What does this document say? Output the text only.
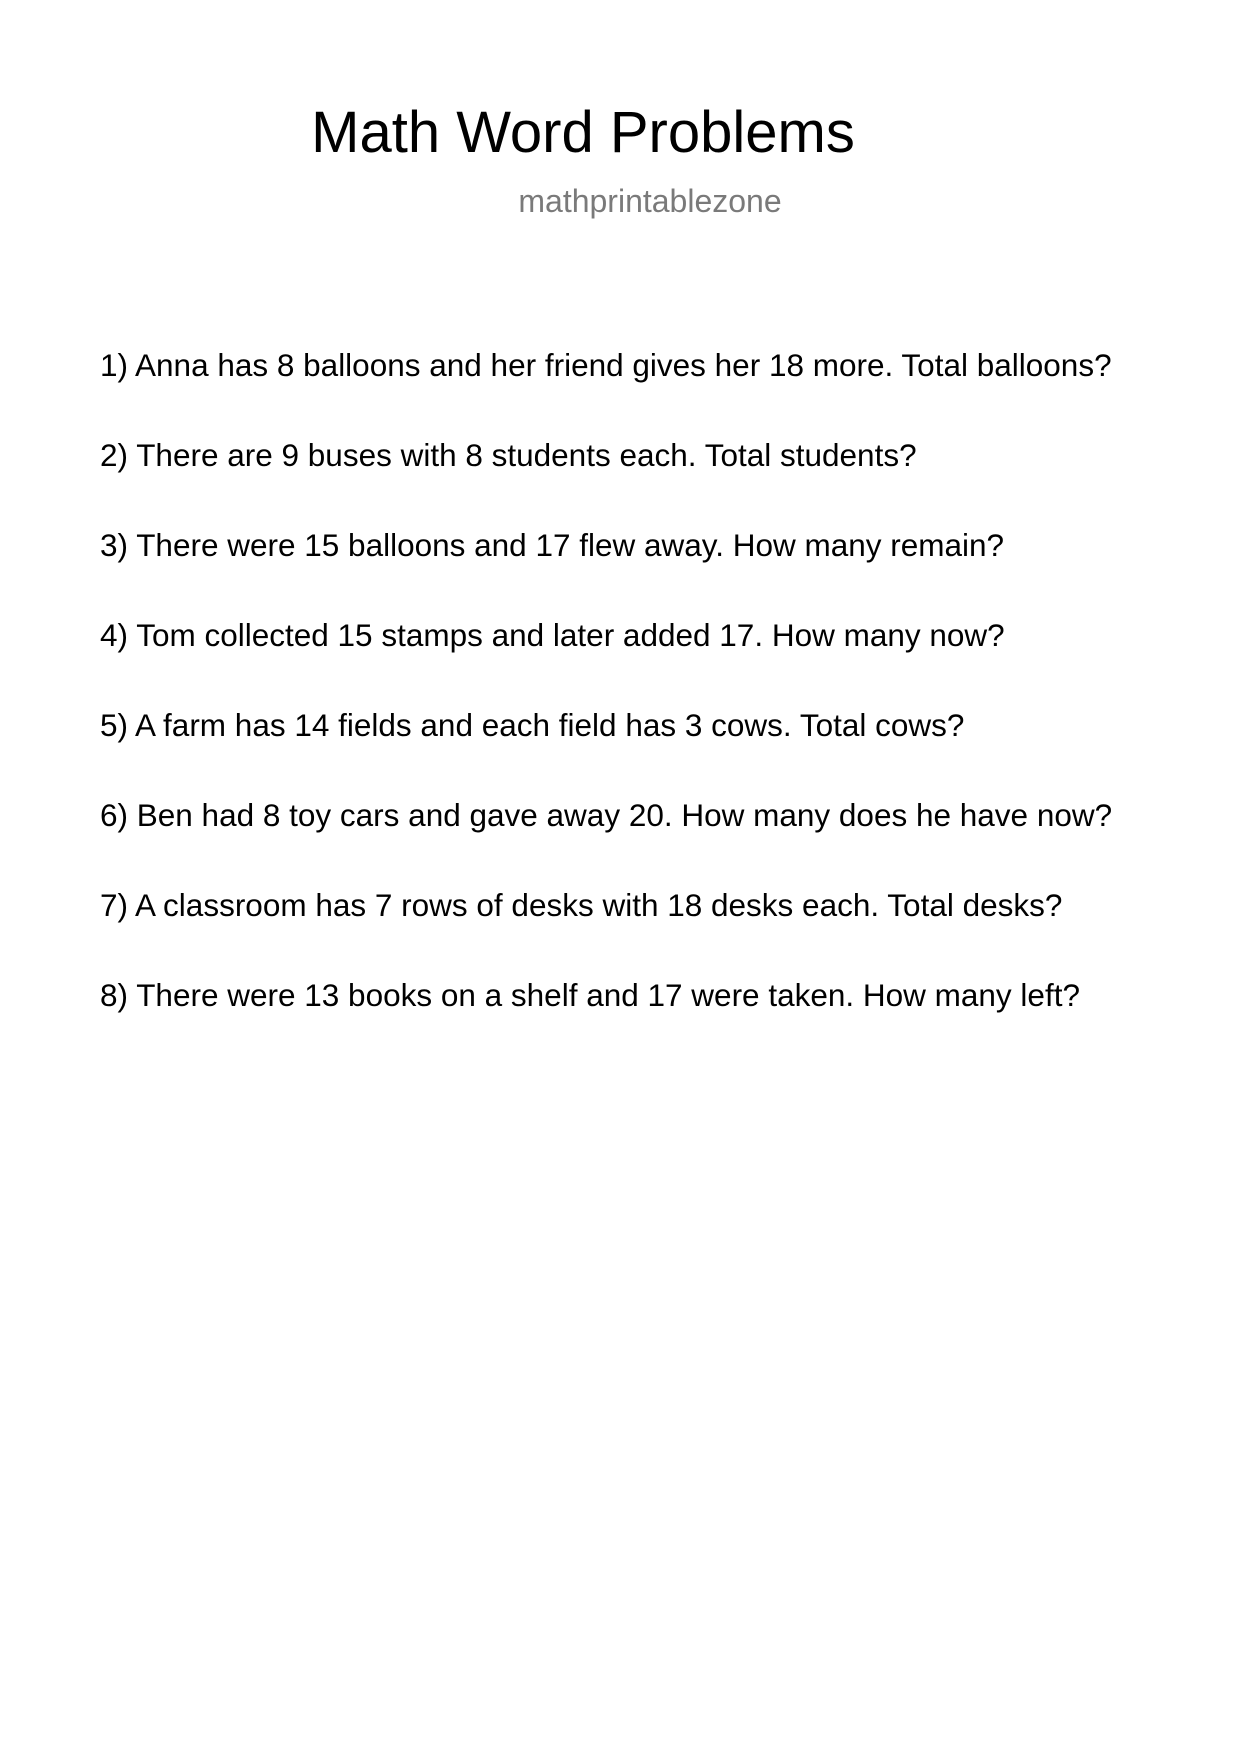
Math Word Problems
mathprintablezone
1) Anna has 8 balloons and her friend gives her 18 more. Total balloons?
2) There are 9 buses with 8 students each. Total students?
3) There were 15 balloons and 17 flew away. How many remain?
4) Tom collected 15 stamps and later added 17. How many now?
5) A farm has 14 fields and each field has 3 cows. Total cows?
6) Ben had 8 toy cars and gave away 20. How many does he have now?
7) A classroom has 7 rows of desks with 18 desks each. Total desks?
8) There were 13 books on a shelf and 17 were taken. How many left?
